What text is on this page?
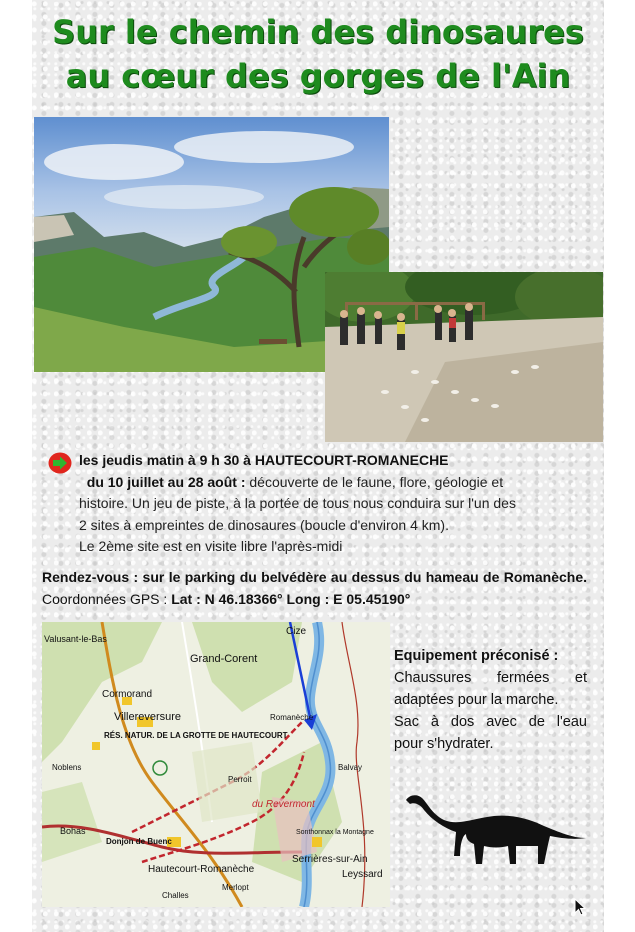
Sur le chemin des dinosaures
au cœur des gorges de l'Ain
les jeudis matin à 9 h 30 à HAUTECOURT-ROMANECHE
du 10 juillet au 28 août : découverte de le faune, flore, géologie et
histoire. Un jeu de piste, à la portée de tous nous conduira sur l'un des
2 sites à empreintes de dinosaures (boucle d'environ 4 km).
Le 2ème site est en visite libre l'après-midi
Rendez-vous : sur le parking du belvédère au dessus du hameau de Romanèche. Coordonnées GPS : Lat : N 46.18366° Long : E 05.45190°
Valusant-le-Bas
Grand-Corent
Cormorand
Villereversure
RÉS. NATUR. DE LA GROTTE DE HAUTECOURT
Noblens
Romanèche
Balvay
Perroit
du Revermont
Bohas
Donjon de Buenc
Hautecourt-Romanèche
Serrières-sur-Ain
Leyssard
Sonthonnax la Montagne
Cize
Challes
Merlopt
Equipement préconisé :
Chaussures fermées et
adaptées pour la marche.
Sac à dos avec de l'eau
pour s'hydrater.
